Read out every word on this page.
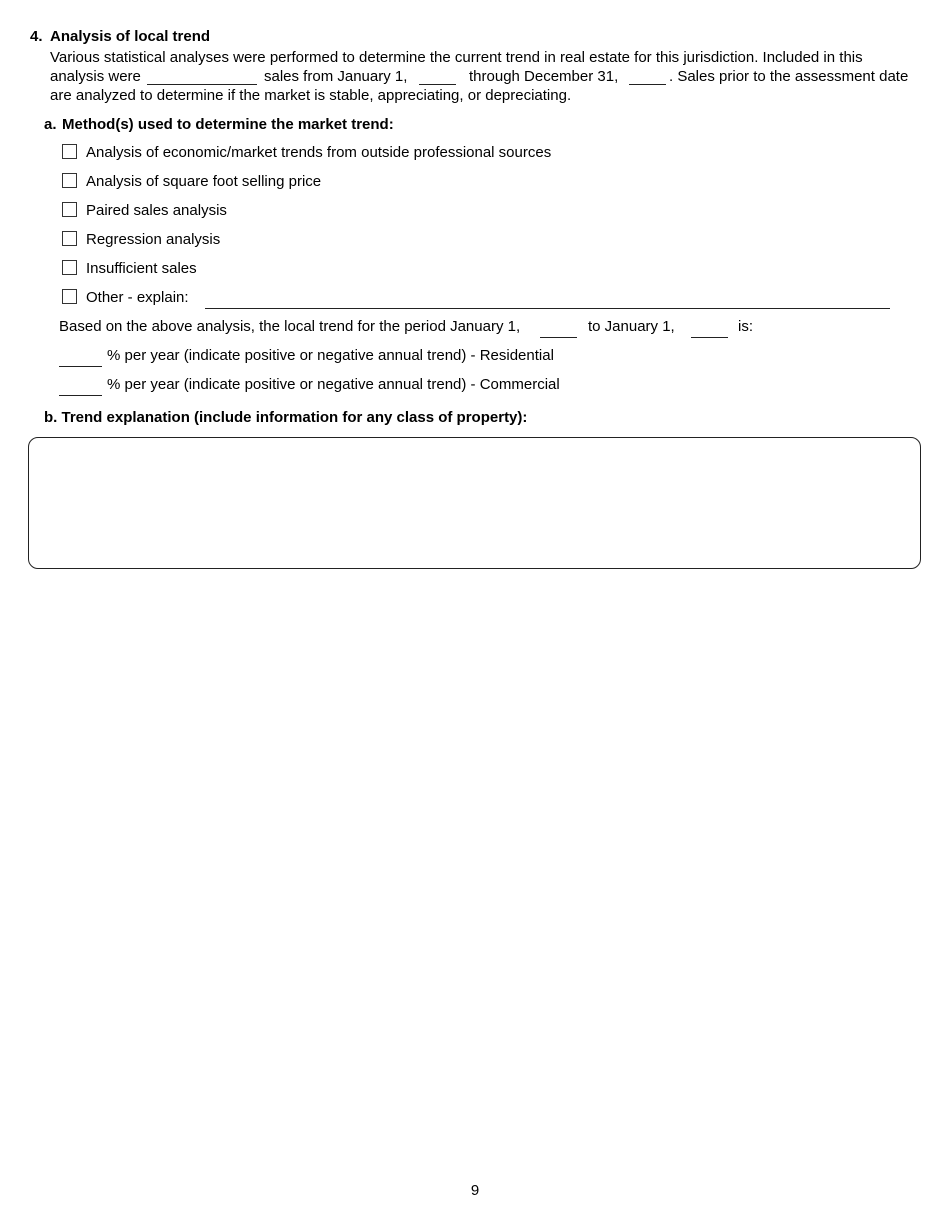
4. Analysis of local trend
Various statistical analyses were performed to determine the current trend in real estate for this jurisdiction. Included in this
analysis were	sales from January 1,	through December 31,	. Sales prior to the assessment date
are analyzed to determine if the market is stable, appreciating, or depreciating.
a. Method(s) used to determine the market trend:
Analysis of economic/market trends from outside professional sources
Analysis of square foot selling price
Paired sales analysis
Regression analysis
Insufficient sales
Other - explain:
Based on the above analysis, the local trend for the period January 1,	to January 1,	is:
% per year (indicate positive or negative annual trend) - Residential
% per year (indicate positive or negative annual trend) - Commercial
b. Trend explanation (include information for any class of property):
9
